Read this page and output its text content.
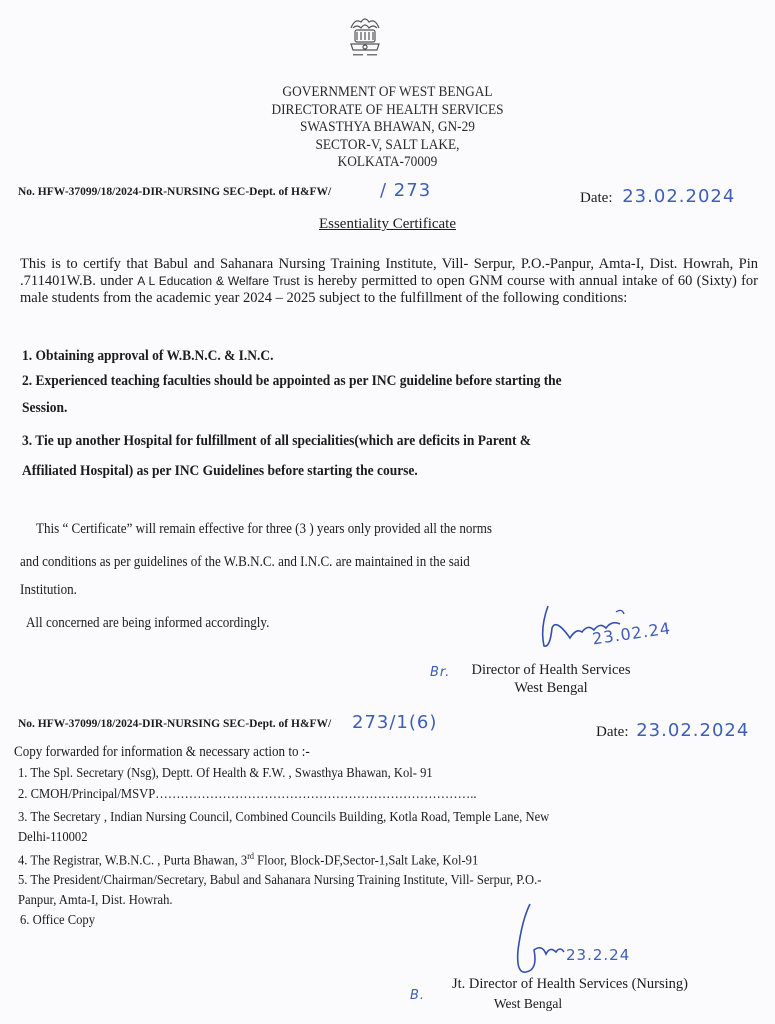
GOVERNMENT OF WEST BENGAL
DIRECTORATE OF HEALTH SERVICES
SWASTHYA BHAWAN, GN-29
SECTOR-V, SALT LAKE,
KOLKATA-70009
No. HFW-37099/18/2024-DIR-NURSING SEC-Dept. of H&FW/	/ 273	Date: 23.02.2024
Essentiality Certificate
This is to certify that Babul and Sahanara Nursing Training Institute, Vill- Serpur, P.O.-Panpur, Amta-I, Dist. Howrah, Pin .711401W.B. under A L Education & Welfare Trust is hereby permitted to open GNM course with annual intake of 60 (Sixty) for male students from the academic year 2024 – 2025 subject to the fulfillment of the following conditions:
1. Obtaining approval of W.B.N.C. & I.N.C.
2. Experienced teaching faculties should be appointed as per INC guideline before starting the
Session.
3. Tie up another Hospital for fulfillment of all specialities(which are deficits in Parent &
Affiliated Hospital) as per INC Guidelines before starting the course.
This “ Certificate” will remain effective for three (3 ) years only provided all the norms
and conditions as per guidelines of the W.B.N.C. and I.N.C. are maintained in the said
Institution.
All concerned are being informed accordingly.	23.02.24
Br.	Director of Health Services
West Bengal
No. HFW-37099/18/2024-DIR-NURSING SEC-Dept. of H&FW/ 273/1(6)	Date: 23.02.2024
Copy forwarded for information & necessary action to :-
1. The Spl. Secretary (Nsg), Deptt. Of Health & F.W. , Swasthya Bhawan, Kol- 91
2. CMOH/Principal/MSVP…………………………………………………………………..
3. The Secretary , Indian Nursing Council, Combined Councils Building, Kotla Road, Temple Lane, New
Delhi-110002
4. The Registrar, W.B.N.C. , Purta Bhawan, 3rd Floor, Block-DF,Sector-1,Salt Lake, Kol-91
5. The President/Chairman/Secretary, Babul and Sahanara Nursing Training Institute, Vill- Serpur, P.O.-
Panpur, Amta-I, Dist. Howrah.
6. Office Copy
23.2.24
B.
Jt. Director of Health Services (Nursing)
West Bengal
